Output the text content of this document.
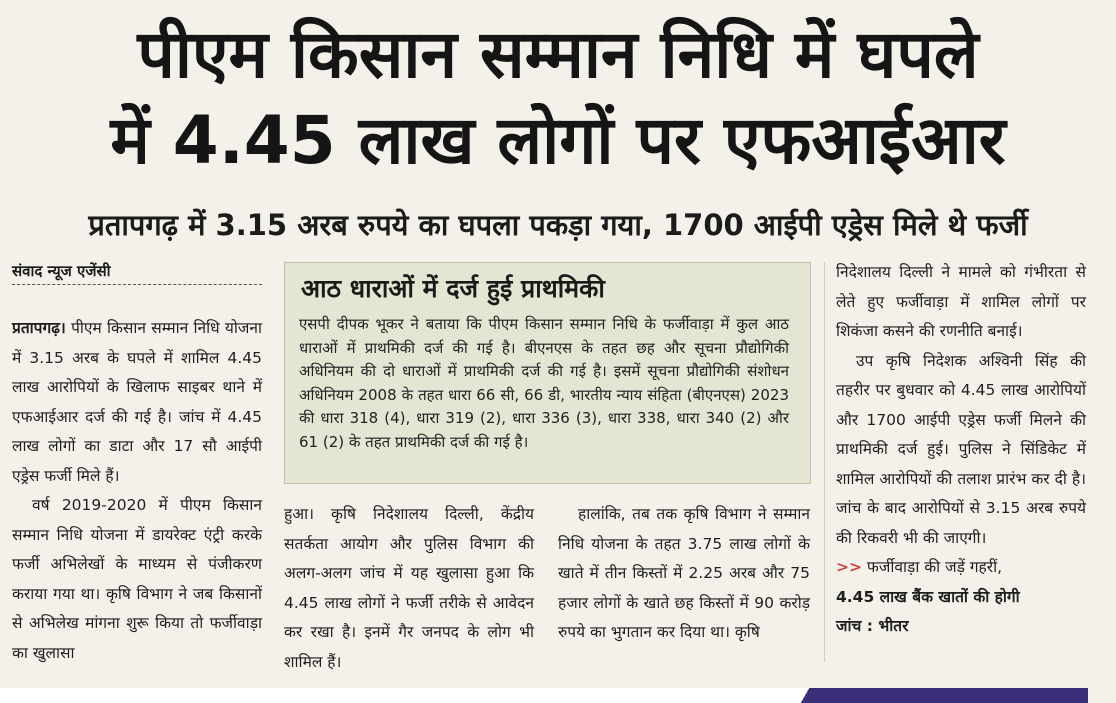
पीएम किसान सम्मान निधि में घपले
में 4.45 लाख लोगों पर एफआईआर
प्रतापगढ़ में 3.15 अरब रुपये का घपला पकड़ा गया, 1700 आईपी एड्रेस मिले थे फर्जी
संवाद न्यूज एजेंसी

प्रतापगढ़। पीएम किसान सम्मान निधि योजना में 3.15 अरब के घपले में शामिल 4.45 लाख आरोपियों के खिलाफ साइबर थाने में एफआईआर दर्ज की गई है। जांच में 4.45 लाख लोगों का डाटा और 17 सौ आईपी एड्रेस फर्जी मिले हैं।

वर्ष 2019-2020 में पीएम किसान सम्मान निधि योजना में डायरेक्ट एंट्री करके फर्जी अभिलेखों के माध्यम से पंजीकरण कराया गया था। कृषि विभाग ने जब किसानों से अभिलेख मांगना शुरू किया तो फर्जीवाड़ा का खुलासा

आठ धाराओं में दर्ज हुई प्राथमिकी
एसपी दीपक भूकर ने बताया कि पीएम किसान सम्मान निधि के फर्जीवाड़ा में कुल आठ धाराओं में प्राथमिकी दर्ज की गई है। बीएनएस के तहत छह और सूचना प्रौद्योगिकी अधिनियम की दो धाराओं में प्राथमिकी दर्ज की गई है। इसमें सूचना प्रौद्योगिकी संशोधन अधिनियम 2008 के तहत धारा 66 सी, 66 डी, भारतीय न्याय संहिता (बीएनएस) 2023 की धारा 318 (4), धारा 319 (2), धारा 336 (3), धारा 338, धारा 340 (2) और 61 (2) के तहत प्राथमिकी दर्ज की गई है।

हुआ। कृषि निदेशालय दिल्ली, केंद्रीय सतर्कता आयोग और पुलिस विभाग की अलग-अलग जांच में यह खुलासा हुआ कि 4.45 लाख लोगों ने फर्जी तरीके से आवेदन कर रखा है। इनमें गैर जनपद के लोग भी शामिल हैं।

हालांकि, तब तक कृषि विभाग ने सम्मान निधि योजना के तहत 3.75 लाख लोगों के खाते में तीन किस्तों में 2.25 अरब और 75 हजार लोगों के खाते छह किस्तों में 90 करोड़ रुपये का भुगतान कर दिया था। कृषि

निदेशालय दिल्ली ने मामले को गंभीरता से लेते हुए फर्जीवाड़ा में शामिल लोगों पर शिकंजा कसने की रणनीति बनाई।

उप कृषि निदेशक अश्विनी सिंह की तहरीर पर बुधवार को 4.45 लाख आरोपियों और 1700 आईपी एड्रेस फर्जी मिलने की प्राथमिकी दर्ज हुई। पुलिस ने सिंडिकेट में शामिल आरोपियों की तलाश प्रारंभ कर दी है। जांच के बाद आरोपियों से 3.15 अरब रुपये की रिकवरी भी की जाएगी।

>> फर्जीवाड़ा की जड़ें गहरीं,
4.45 लाख बैंक खातों की होगी
जांच : भीतर
